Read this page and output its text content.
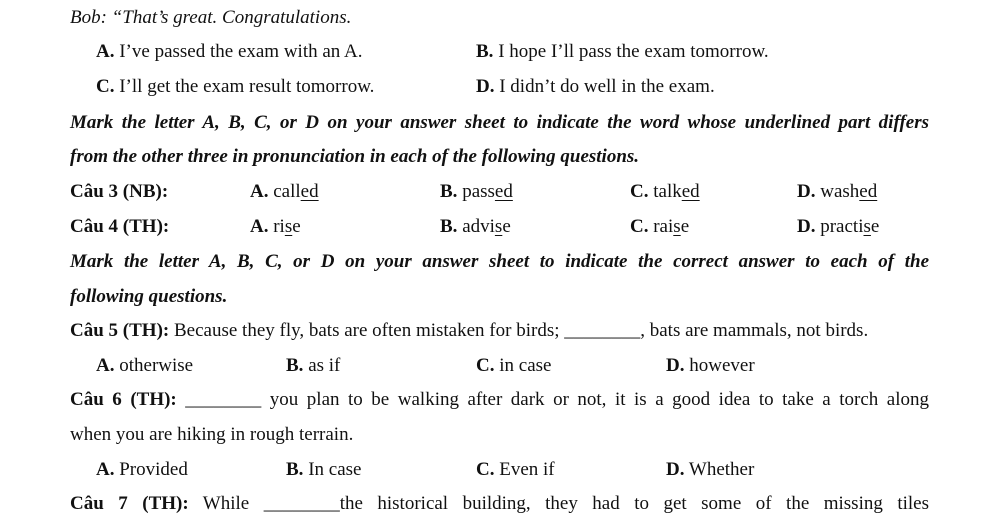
Bob: “That’s great. Congratulations.
A. I’ve passed the exam with an A.	B. I hope I’ll pass the exam tomorrow.
C. I’ll get the exam result tomorrow.	D. I didn’t do well in the exam.
Mark the letter A, B, C, or D on your answer sheet to indicate the word whose underlined part differs
from the other three in pronunciation in each of the following questions.
Câu 3 (NB):	A. called	B. passed	C. talked	D. washed
Câu 4 (TH):	A. rise	B. advise	C. raise	D. practise
Mark the letter A, B, C, or D on your answer sheet to indicate the correct answer to each of the
following questions.
Câu 5 (TH): Because they fly, bats are often mistaken for birds; ________, bats are mammals, not birds.
A. otherwise	B. as if	C. in case	D. however
Câu 6 (TH): ________ you plan to be walking after dark or not, it is a good idea to take a torch along
when you are hiking in rough terrain.
A. Provided	B. In case	C. Even if	D. Whether
Câu 7 (TH): While ________the historical building, they had to get some of the missing tiles
